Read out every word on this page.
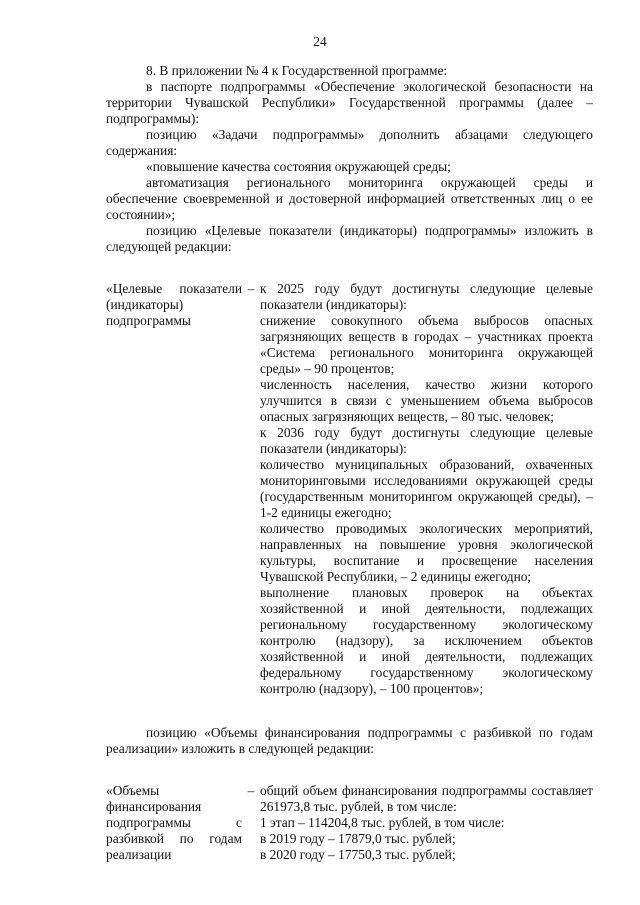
24

8. В приложении № 4 к Государственной программе:

в паспорте подпрограммы «Обеспечение экологической безопасности на территории Чувашской Республики» Государственной программы (далее – подпрограммы):

позицию «Задачи подпрограммы» дополнить абзацами следующего содержания:

«повышение качества состояния окружающей среды;

автоматизация регионального мониторинга окружающей среды и обеспечение своевременной и достоверной информацией ответственных лиц о ее состоянии»;

позицию «Целевые показатели (индикаторы) подпрограммы» изложить в следующей редакции:

«Целевые показатели (индикаторы) подпрограммы
– к 2025 году будут достигнуты следующие целевые показатели (индикаторы):

снижение совокупного объема выбросов опасных загрязняющих веществ в городах – участниках проекта «Система регионального мониторинга окружающей среды» – 90 процентов;

численность населения, качество жизни которого улучшится в связи с уменьшением объема выбросов опасных загрязняющих веществ, – 80 тыс. человек;

к 2036 году будут достигнуты следующие целевые показатели (индикаторы):

количество муниципальных образований, охваченных мониторинговыми исследованиями окружающей среды (государственным мониторингом окружающей среды), – 1-2 единицы ежегодно;

количество проводимых экологических мероприятий, направленных на повышение уровня экологической культуры, воспитание и просвещение населения Чувашской Республики, – 2 единицы ежегодно;

выполнение плановых проверок на объектах хозяйственной и иной деятельности, подлежащих региональному государственному экологическому контролю (надзору), за исключением объектов хозяйственной и иной деятельности, подлежащих федеральному государственному экологическому контролю (надзору), – 100 процентов»;

позицию «Объемы финансирования подпрограммы с разбивкой по годам реализации» изложить в следующей редакции:

«Объемы финансирования подпрограммы с разбивкой по годам реализации
– общий объем финансирования подпрограммы составляет 261973,8 тыс. рублей, в том числе:

1 этап – 114204,8 тыс. рублей, в том числе:

в 2019 году – 17879,0 тыс. рублей;

в 2020 году – 17750,3 тыс. рублей;
